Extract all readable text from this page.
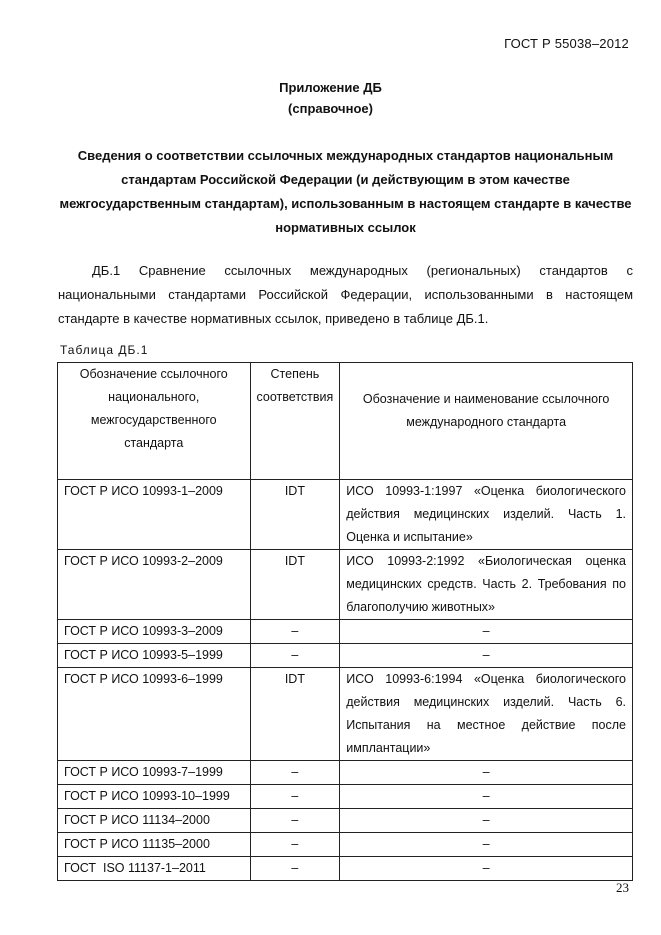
ГОСТ Р 55038–2012
Приложение ДБ
(справочное)
Сведения о соответствии ссылочных международных стандартов национальным стандартам Российской Федерации (и действующим в этом качестве межгосударственным стандартам), использованным в настоящем стандарте в качестве нормативных ссылок
ДБ.1 Сравнение ссылочных международных (региональных) стандартов с национальными стандартами Российской Федерации, использованными в настоящем стандарте в качестве нормативных ссылок, приведено в таблице ДБ.1.
Таблица ДБ.1
Обозначение ссылочного национального, межгосударственного стандарта	Степень соответствия	Обозначение и наименование ссылочного международного стандарта
ГОСТ Р ИСО 10993-1–2009	IDT	ИСО 10993-1:1997 «Оценка биологического действия медицинских изделий. Часть 1. Оценка и испытание»
ГОСТ Р ИСО 10993-2–2009	IDT	ИСО 10993-2:1992 «Биологическая оценка медицинских средств. Часть 2. Требования по благополучию животных»
ГОСТ Р ИСО 10993-3–2009	–	–
ГОСТ Р ИСО 10993-5–1999	–	–
ГОСТ Р ИСО 10993-6–1999	IDT	ИСО 10993-6:1994 «Оценка биологического действия медицинских изделий. Часть 6. Испытания на местное действие после имплантации»
ГОСТ Р ИСО 10993-7–1999	–	–
ГОСТ Р ИСО 10993-10–1999	–	–
ГОСТ Р ИСО 11134–2000	–	–
ГОСТ Р ИСО 11135–2000	–	–
ГОСТ  ISO 11137-1–2011	–	–
23
